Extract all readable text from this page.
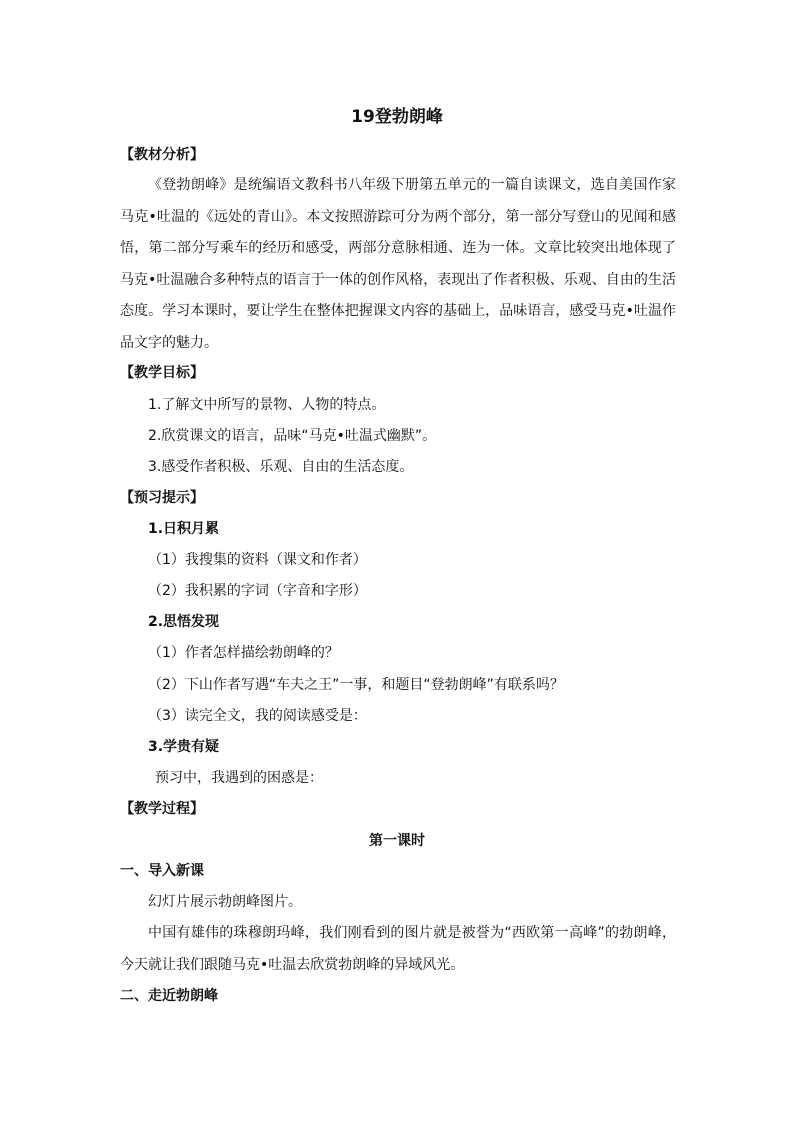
19登勃朗峰
【教材分析】

《登勃朗峰》是统编语文教科书八年级下册第五单元的一篇自读课文，选自美国作家马克•吐温的《远处的青山》。本文按照游踪可分为两个部分，第一部分写登山的见闻和感悟，第二部分写乘车的经历和感受，两部分意脉相通、连为一体。文章比较突出地体现了马克•吐温融合多种特点的语言于一体的创作风格，表现出了作者积极、乐观、自由的生活态度。学习本课时，要让学生在整体把握课文内容的基础上，品味语言，感受马克•吐温作品文字的魅力。

【教学目标】
1.了解文中所写的景物、人物的特点。
2.欣赏课文的语言，品味“马克•吐温式幽默”。
3.感受作者积极、乐观、自由的生活态度。
【预习提示】
1.日积月累
（1）我搜集的资料（课文和作者）
（2）我积累的字词（字音和字形）
2.思悟发现
（1）作者怎样描绘勃朗峰的？
（2）下山作者写遇“车夫之王”一事，和题目“登勃朗峰”有联系吗？
（3）读完全文，我的阅读感受是：
3.学贵有疑
预习中，我遇到的困惑是：
【教学过程】
第一课时
一、导入新课
幻灯片展示勃朗峰图片。

中国有雄伟的珠穆朗玛峰，我们刚看到的图片就是被誉为“西欧第一高峰”的勃朗峰，今天就让我们跟随马克•吐温去欣赏勃朗峰的异域风光。

二、走近勃朗峰
